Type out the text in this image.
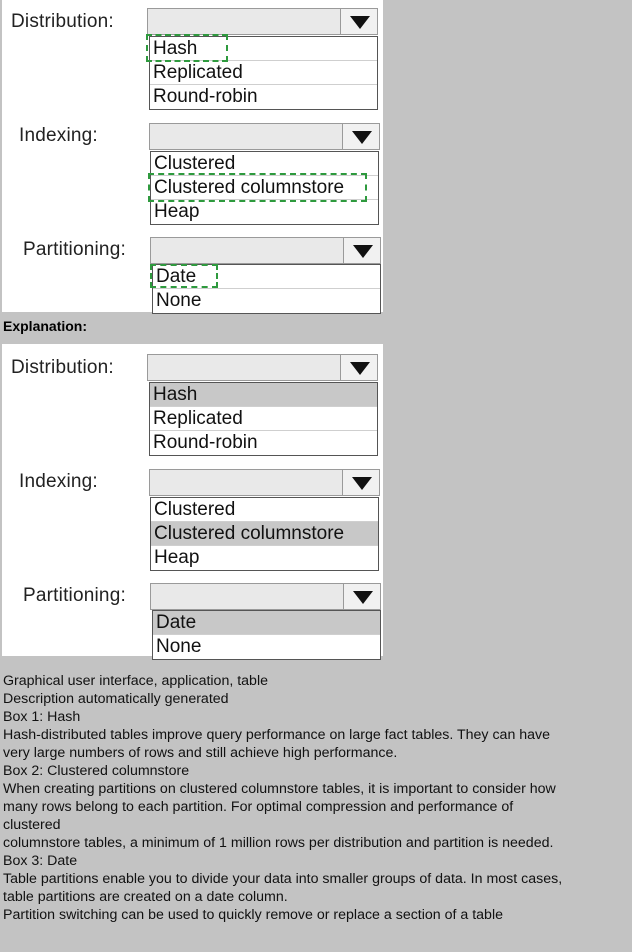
Distribution:
Hash
Replicated
Round-robin
Indexing:
Clustered
Clustered columnstore
Heap
Partitioning:
Date
None
Explanation:
Distribution:
Hash
Replicated
Round-robin
Indexing:
Clustered
Clustered columnstore
Heap
Partitioning:
Date
None
Graphical user interface, application, table
Description automatically generated
Box 1: Hash
Hash-distributed tables improve query performance on large fact tables. They can have
very large numbers of rows and still achieve high performance.
Box 2: Clustered columnstore
When creating partitions on clustered columnstore tables, it is important to consider how
many rows belong to each partition. For optimal compression and performance of
clustered
columnstore tables, a minimum of 1 million rows per distribution and partition is needed.
Box 3: Date
Table partitions enable you to divide your data into smaller groups of data. In most cases,
table partitions are created on a date column.
Partition switching can be used to quickly remove or replace a section of a table
